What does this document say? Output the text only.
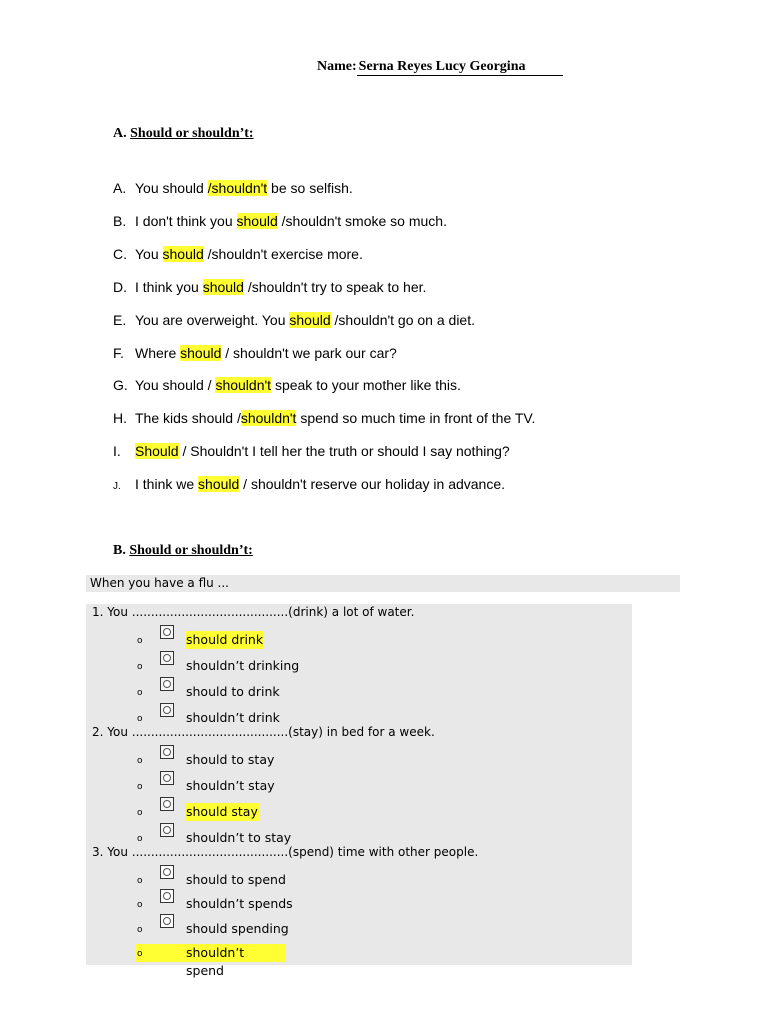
Name:Serna Reyes Lucy Georgina
A. Should or shouldn’t:
A. You should /shouldn't be so selfish.
B. I don't think you should /shouldn't smoke so much.
C. You should /shouldn't exercise more.
D. I think you should /shouldn't try to speak to her.
E. You are overweight. You should /shouldn't go on a diet.
F. Where should / shouldn't we park our car?
G. You should / shouldn't speak to your mother like this.
H. The kids should /shouldn't spend so much time in front of the TV.
I. Should / Shouldn't I tell her the truth or should I say nothing?
J. I think we should / shouldn't reserve our holiday in advance.
B. Should or shouldn’t:
When you have a flu ...
1. You .........................................(drink) a lot of water.
o	should drink
o	shouldn’t drinking
o	should to drink
o	shouldn’t drink
2. You .........................................(stay) in bed for a week.
o	should to stay
o	shouldn’t stay
o	should stay
o	shouldn’t to stay
3. You .........................................(spend) time with other people.
o	should to spend
o	shouldn’t spends
o	should spending
o	shouldn’t spend
